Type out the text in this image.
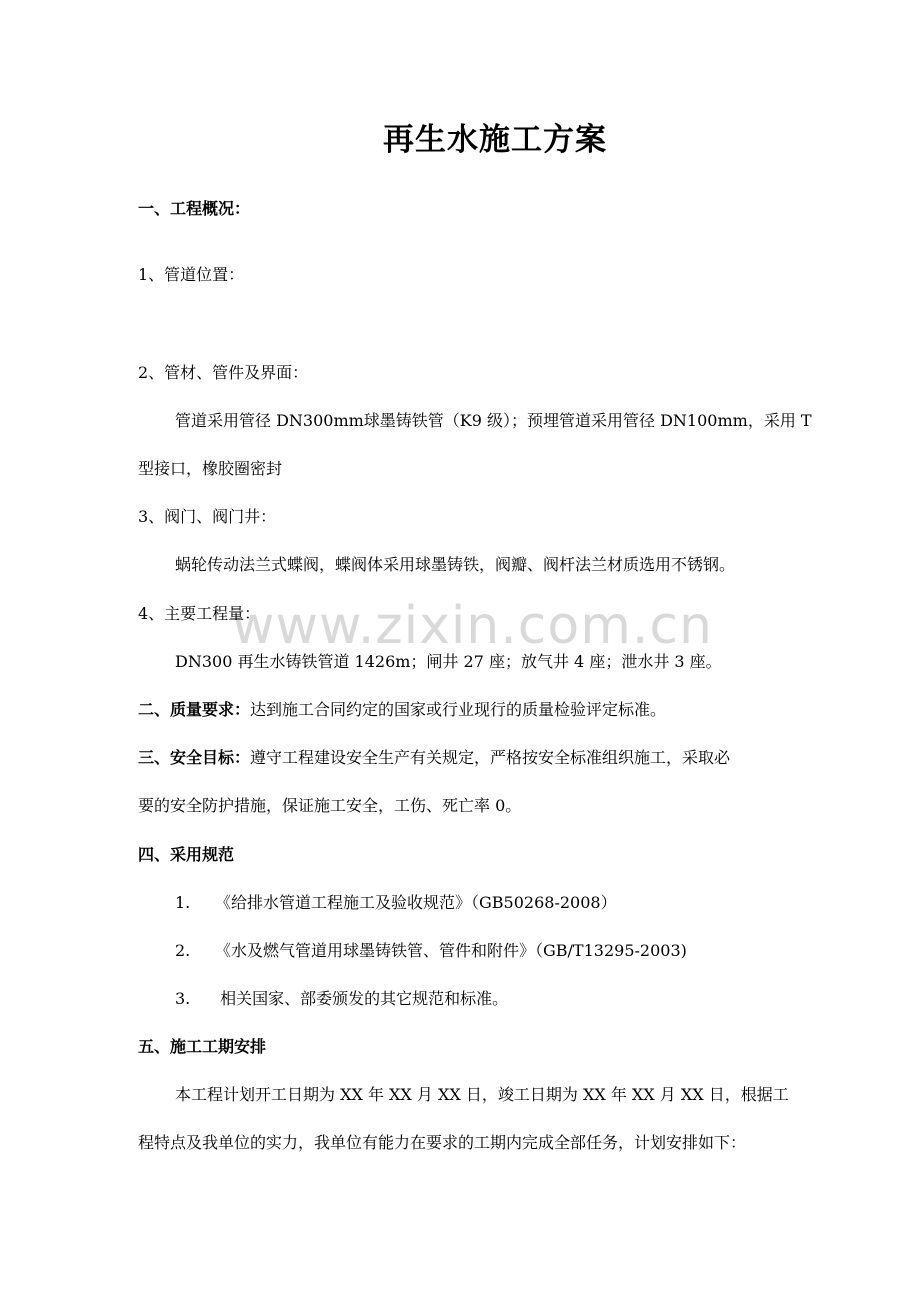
www.zixin.com.cn
再生水施工方案
一、工程概况：
1、管道位置：
2、管材、管件及界面：
管道采用管径 DN300mm球墨铸铁管（K9 级）；预埋管道采用管径 DN100mm，采用 T
型接口，橡胶圈密封
3、阀门、阀门井：
蜗轮传动法兰式蝶阀，蝶阀体采用球墨铸铁，阀瓣、阀杆法兰材质选用不锈钢。
4、主要工程量：
DN300 再生水铸铁管道 1426m；闸井 27 座；放气井 4 座；泄水井 3 座。
二、质量要求：达到施工合同约定的国家或行业现行的质量检验评定标准。
三、安全目标：遵守工程建设安全生产有关规定，严格按安全标准组织施工，采取必
要的安全防护措施，保证施工安全，工伤、死亡率 0。
四、采用规范
1. 《给排水管道工程施工及验收规范》（GB50268-2008）
2. 《水及燃气管道用球墨铸铁管、管件和附件》（GB/T13295-2003)
3. 相关国家、部委颁发的其它规范和标准。
五、施工工期安排
本工程计划开工日期为 XX 年 XX 月 XX 日，竣工日期为 XX 年 XX 月 XX 日，根据工
程特点及我单位的实力，我单位有能力在要求的工期内完成全部任务，计划安排如下：
